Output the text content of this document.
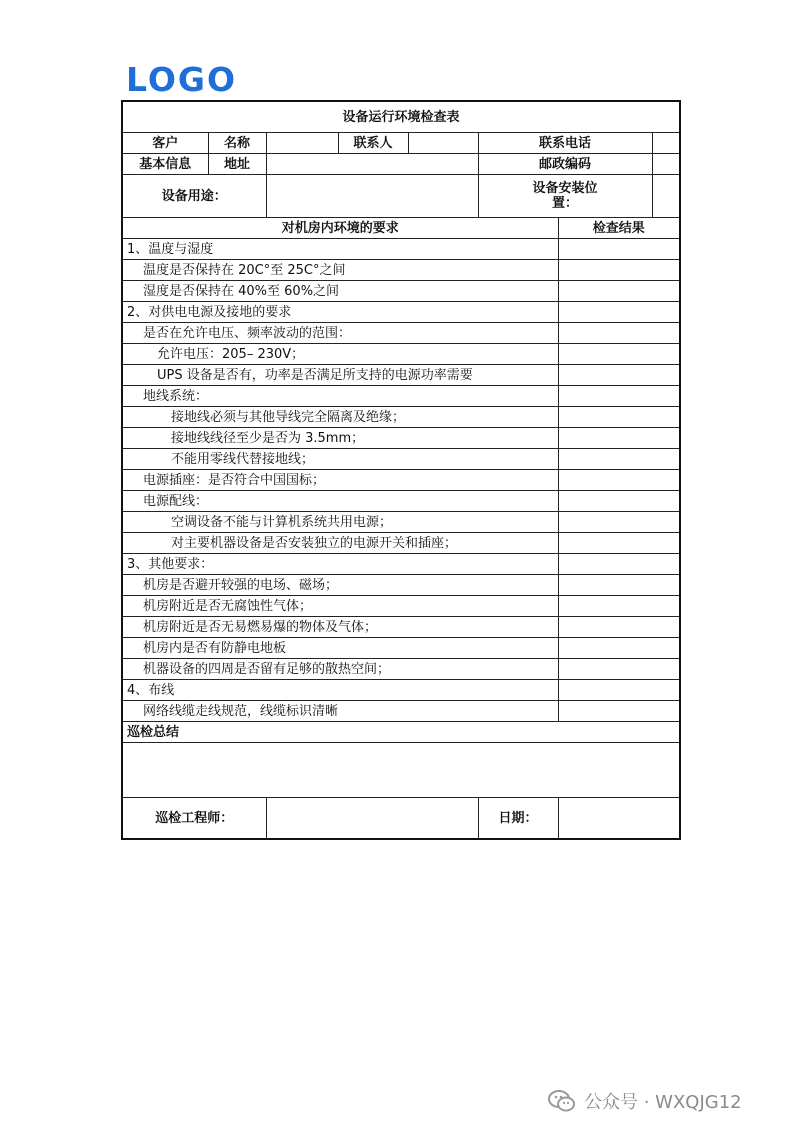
LOGO
设备运行环境检查表							
客户	名称		联系人		联系电话		
基本信息	地址				邮政编码		
设备用途：					设备安装位
置：		

对机房内环境的要求						检查结果	
1、温度与湿度							
温度是否保持在 20C°至 25C°之间							
湿度是否保持在 40%至 60%之间							
2、对供电电源及接地的要求							
是否在允许电压、频率波动的范围：							
允许电压：205– 230V；							
UPS 设备是否有，功率是否满足所支持的电源功率需要							
地线系统：							
接地线必须与其他导线完全隔离及绝缘；							
接地线线径至少是否为 3.5mm；							
不能用零线代替接地线；							
电源插座：是否符合中国国标；							
电源配线：							
空调设备不能与计算机系统共用电源；							
对主要机器设备是否安装独立的电源开关和插座；							
3、其他要求：							
机房是否避开较强的电场、磁场；							
机房附近是否无腐蚀性气体；							
机房附近是否无易燃易爆的物体及气体；							
机房内是否有防静电地板							
机器设备的四周是否留有足够的散热空间；							
4、布线							
网络线缆走线规范，线缆标识清晰							
巡检总结							

巡检工程师：					日期：		
公众号 · WXQJG12
